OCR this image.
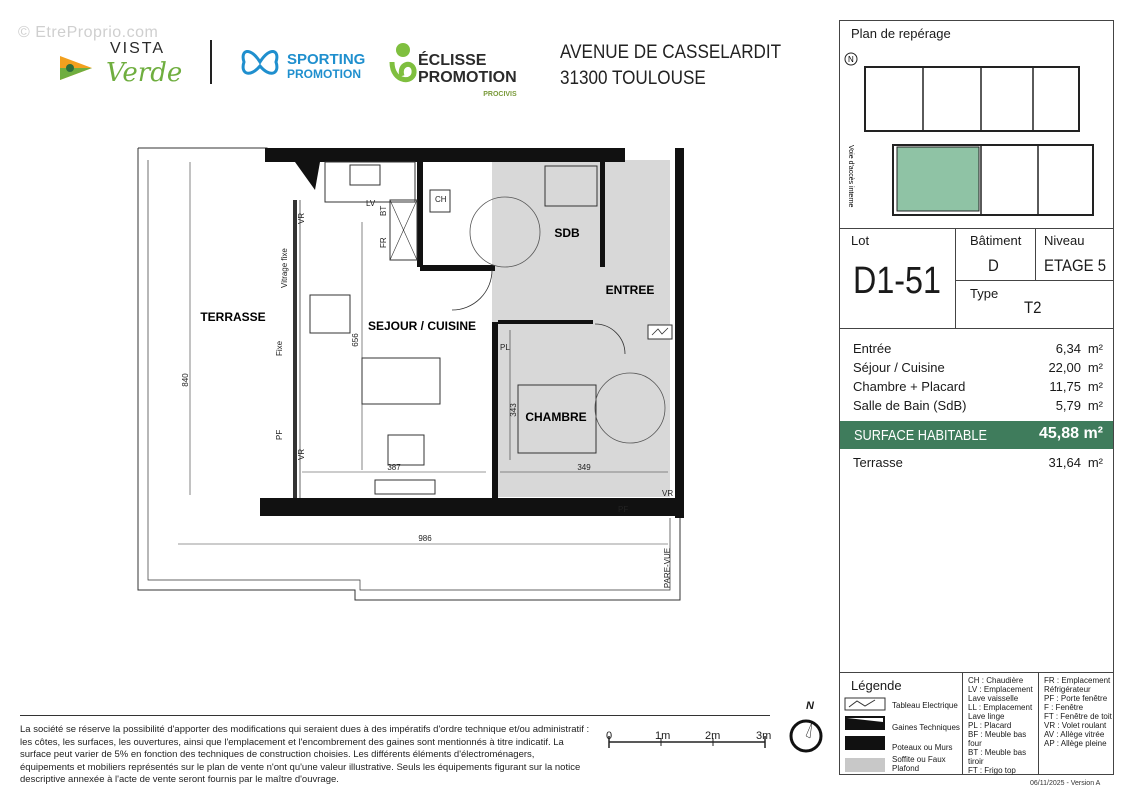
© EtreProprio.com
VISTA
Verde	SPORTING
PROMOTION
ÉCLISSE
PROMOTION
PROCIVIS
AVENUE DE CASSELARDIT
31300 TOULOUSE
840
656
387	349
343
986
TERRASSE
SEJOUR / CUISINE
SDB
ENTREE
CHAMBRE
CH
LV
BT
FR
VR
Vitrage fixe
Fixe
PF
VR
PL
PF
VR
PARE-VUE
Plan de repérage
N
Voie d'accès interne
Lot
D1-51
Bâtiment
D
Niveau
ETAGE 5
Type
T2
Entrée	6,34 m²
Séjour / Cuisine	22,00 m²
Chambre + Placard	11,75 m²
Salle de Bain (SdB)	5,79 m²
SURFACE HABITABLE	45,88 m²
Terrasse	31,64 m²
Légende
Tableau Electrique
Gaines Techniques
Poteaux ou Murs
Soffite ou Faux Plafond
CH : Chaudière
LV : Emplacement Lave vaisselle
LL : Emplacement Lave linge
PL : Placard
BF : Meuble bas four
BT : Meuble bas tiroir
FT : Frigo top
FR : Emplacement Réfrigérateur
PF : Porte fenêtre
F : Fenêtre
FT : Fenêtre de toit
VR : Volet roulant
AV : Allège vitrée
AP : Allège pleine
06/11/2025 - Version A
La société se réserve la possibilité d'apporter des modifications qui seraient dues à des impératifs d'ordre technique et/ou administratif : les côtes, les surfaces, les ouvertures, ainsi que l'emplacement et l'encombrement des gaines sont mentionnés à titre indicatif. La surface peut varier de 5% en fonction des techniques de construction choisies. Les différents éléments d'électroménagers, équipements et mobiliers représentés sur le plan de vente n'ont qu'une valeur illustrative. Seuls les équipements figurant sur la notice descriptive annexée à l'acte de vente seront fournis par le maître d'ouvrage.
0	1m	2m	3m
N
